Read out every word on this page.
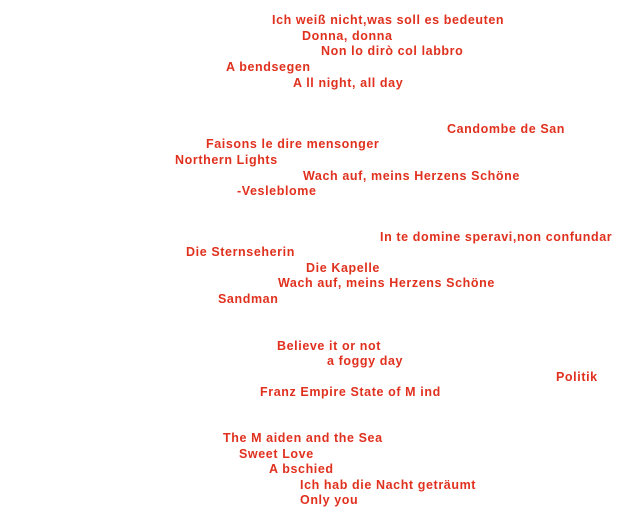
Ich weiß nicht,was soll es bedeuten
Donna, donna
Non lo dirò col labbro
A bendsegen
A ll night, all day
Candombe de San
Faisons le dire mensonger
Northern Lights
Wach auf, meins Herzens Schöne
-Vesleblome
In te domine speravi,non confundar
Die Sternseherin
Die Kapelle
Wach auf, meins Herzens Schöne
Sandman
Believe it or not
a foggy day
Politik
Franz Empire State of M ind
The M aiden and the Sea
Sweet Love
A bschied
Ich hab die Nacht geträumt
Only you
